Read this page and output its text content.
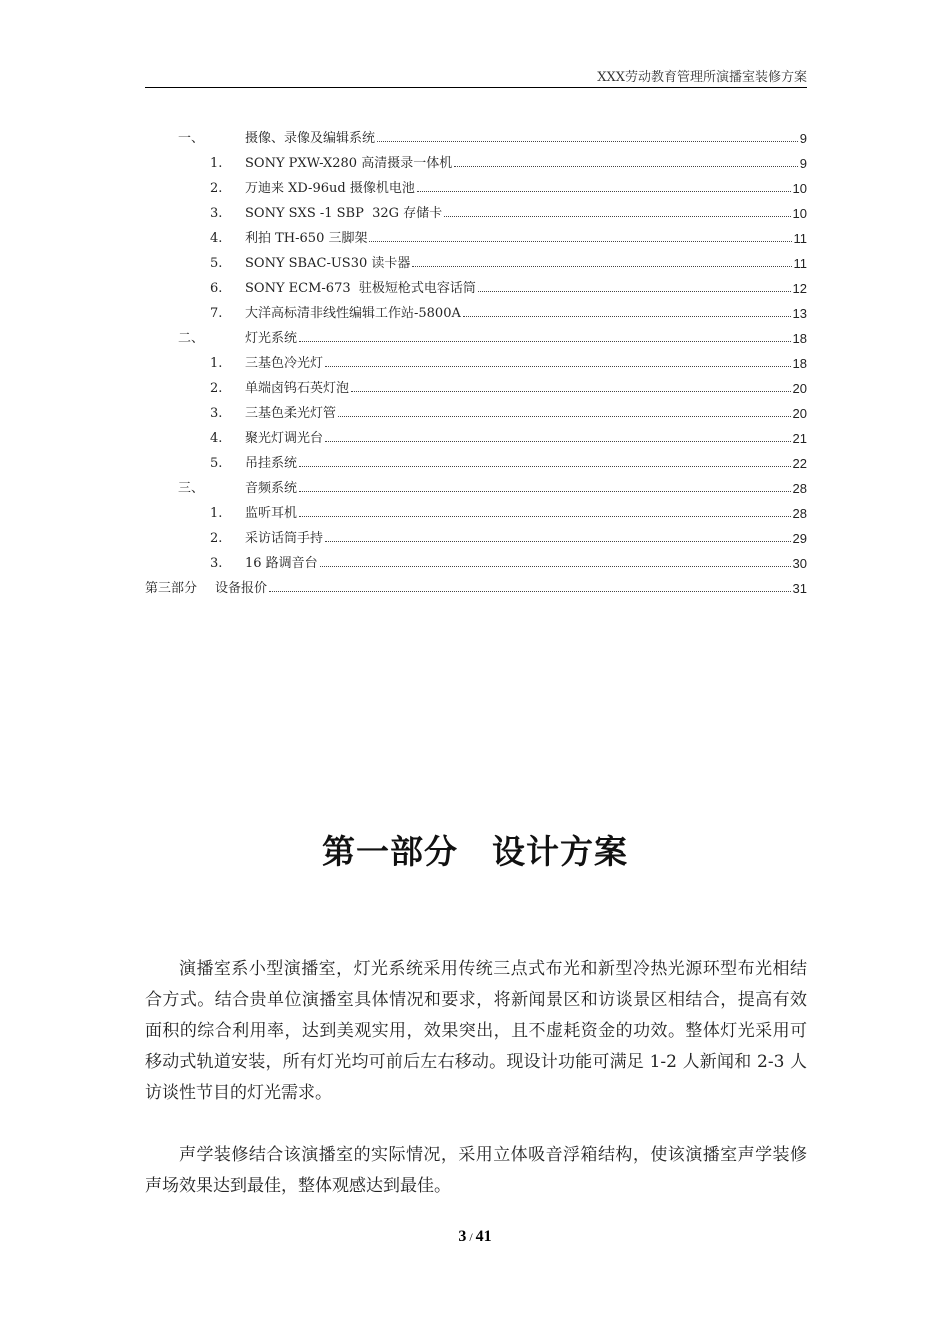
XXX劳动教育管理所演播室装修方案
一、	摄像、录像及编辑系统	9
1. SONY PXW-X280 高清摄录一体机	9
2. 万迪来 XD-96ud 摄像机电池	10
3. SONY SXS -1 SBP  32G 存储卡	10
4. 利拍 TH-650 三脚架	11
5. SONY SBAC-US30 读卡器	11
6. SONY ECM-673  驻极短枪式电容话筒	12
7. 大洋高标清非线性编辑工作站-5800A	13
二、	灯光系统	18
1. 三基色冷光灯	18
2. 单端卤钨石英灯泡	20
3. 三基色柔光灯管	20
4. 聚光灯调光台	21
5. 吊挂系统	22
三、	音频系统	28
1. 监听耳机	28
2. 采访话筒手持	29
3. 16 路调音台	30
第三部分 设备报价	31
第一部分　设计方案

演播室系小型演播室，灯光系统采用传统三点式布光和新型冷热光源环型布光相结合方式。结合贵单位演播室具体情况和要求，将新闻景区和访谈景区相结合，提高有效面积的综合利用率，达到美观实用，效果突出，且不虚耗资金的功效。整体灯光采用可移动式轨道安装，所有灯光均可前后左右移动。现设计功能可满足 1-2 人新闻和 2-3 人访谈性节目的灯光需求。

声学装修结合该演播室的实际情况，采用立体吸音浮箱结构，使该演播室声学装修声场效果达到最佳，整体观感达到最佳。

3 / 41
